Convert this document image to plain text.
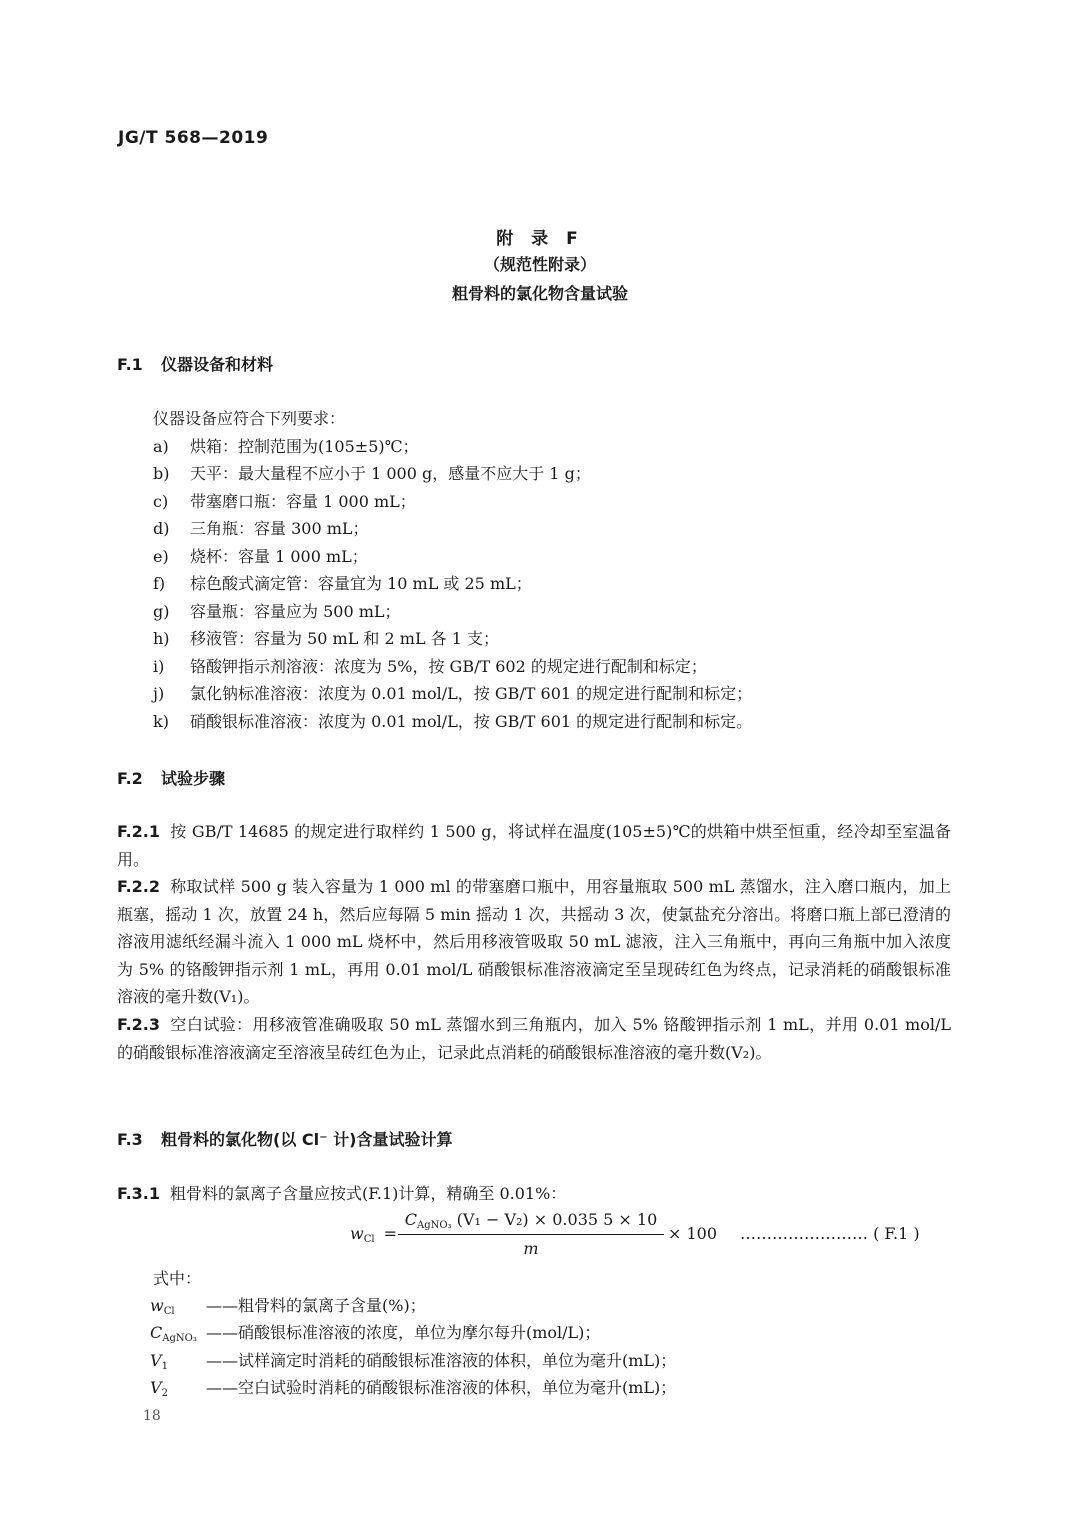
JG/T 568—2019
附 录 F
（规范性附录）
粗骨料的氯化物含量试验
F.1 仪器设备和材料
仪器设备应符合下列要求：
a) 烘箱：控制范围为(105±5)℃；
b) 天平：最大量程不应小于 1 000 g，感量不应大于 1 g；
c) 带塞磨口瓶：容量 1 000 mL；
d) 三角瓶：容量 300 mL；
e) 烧杯：容量 1 000 mL；
f) 棕色酸式滴定管：容量宜为 10 mL 或 25 mL；
g) 容量瓶：容量应为 500 mL；
h) 移液管：容量为 50 mL 和 2 mL 各 1 支；
i) 铬酸钾指示剂溶液：浓度为 5%，按 GB/T 602 的规定进行配制和标定；
j) 氯化钠标准溶液：浓度为 0.01 mol/L，按 GB/T 601 的规定进行配制和标定；
k) 硝酸银标准溶液：浓度为 0.01 mol/L，按 GB/T 601 的规定进行配制和标定。
F.2 试验步骤
F.2.1 按 GB/T 14685 的规定进行取样约 1 500 g，将试样在温度(105±5)℃的烘箱中烘至恒重，经冷却至室温备用。
F.2.2 称取试样 500 g 装入容量为 1 000 ml 的带塞磨口瓶中，用容量瓶取 500 mL 蒸馏水，注入磨口瓶内，加上瓶塞，摇动 1 次，放置 24 h，然后应每隔 5 min 摇动 1 次，共摇动 3 次，使氯盐充分溶出。将磨口瓶上部已澄清的溶液用滤纸经漏斗流入 1 000 mL 烧杯中，然后用移液管吸取 50 mL 滤液，注入三角瓶中，再向三角瓶中加入浓度为 5% 的铬酸钾指示剂 1 mL，再用 0.01 mol/L 硝酸银标准溶液滴定至呈现砖红色为终点，记录消耗的硝酸银标准溶液的毫升数(V₁)。
F.2.3 空白试验：用移液管准确吸取 50 mL 蒸馏水到三角瓶内，加入 5% 铬酸钾指示剂 1 mL，并用 0.01 mol/L 的硝酸银标准溶液滴定至溶液呈砖红色为止，记录此点消耗的硝酸银标准溶液的毫升数(V₂)。
F.3 粗骨料的氯化物(以 Cl⁻ 计)含量试验计算
F.3.1 粗骨料的氯离子含量应按式(F.1)计算，精确至 0.01%：
$w_{Cl}$ =
$C_{AgNO_3}$ (V₁ − V₂) × 0.035 5 × 10
m
× 100 …………………… ( F.1 )
式中：
$w_{Cl}$ ——粗骨料的氯离子含量(%)；
$C_{AgNO_3}$ ——硝酸银标准溶液的浓度，单位为摩尔每升(mol/L)；
$V_1$ ——试样滴定时消耗的硝酸银标准溶液的体积，单位为毫升(mL)；
$V_2$ ——空白试验时消耗的硝酸银标准溶液的体积，单位为毫升(mL)；
18
